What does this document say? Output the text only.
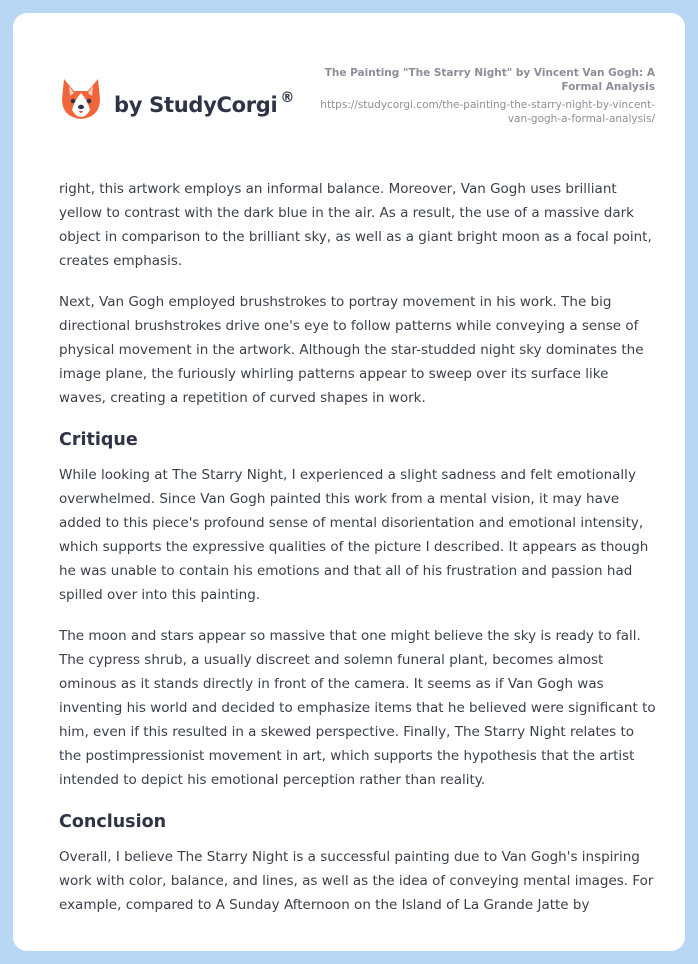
by StudyCorgi ®
The Painting "The Starry Night" by Vincent Van Gogh: A Formal Analysis
https://studycorgi.com/the-painting-the-starry-night-by-vincent-van-gogh-a-formal-analysis/

right, this artwork employs an informal balance. Moreover, Van Gogh uses brilliant yellow to contrast with the dark blue in the air. As a result, the use of a massive dark object in comparison to the brilliant sky, as well as a giant bright moon as a focal point, creates emphasis.

Next, Van Gogh employed brushstrokes to portray movement in his work. The big directional brushstrokes drive one's eye to follow patterns while conveying a sense of physical movement in the artwork. Although the star-studded night sky dominates the image plane, the furiously whirling patterns appear to sweep over its surface like waves, creating a repetition of curved shapes in work.

Critique

While looking at The Starry Night, I experienced a slight sadness and felt emotionally overwhelmed. Since Van Gogh painted this work from a mental vision, it may have added to this piece's profound sense of mental disorientation and emotional intensity, which supports the expressive qualities of the picture I described. It appears as though he was unable to contain his emotions and that all of his frustration and passion had spilled over into this painting.

The moon and stars appear so massive that one might believe the sky is ready to fall. The cypress shrub, a usually discreet and solemn funeral plant, becomes almost ominous as it stands directly in front of the camera. It seems as if Van Gogh was inventing his world and decided to emphasize items that he believed were significant to him, even if this resulted in a skewed perspective. Finally, The Starry Night relates to the postimpressionist movement in art, which supports the hypothesis that the artist intended to depict his emotional perception rather than reality.

Conclusion

Overall, I believe The Starry Night is a successful painting due to Van Gogh's inspiring work with color, balance, and lines, as well as the idea of conveying mental images. For example, compared to A Sunday Afternoon on the Island of La Grande Jatte by
